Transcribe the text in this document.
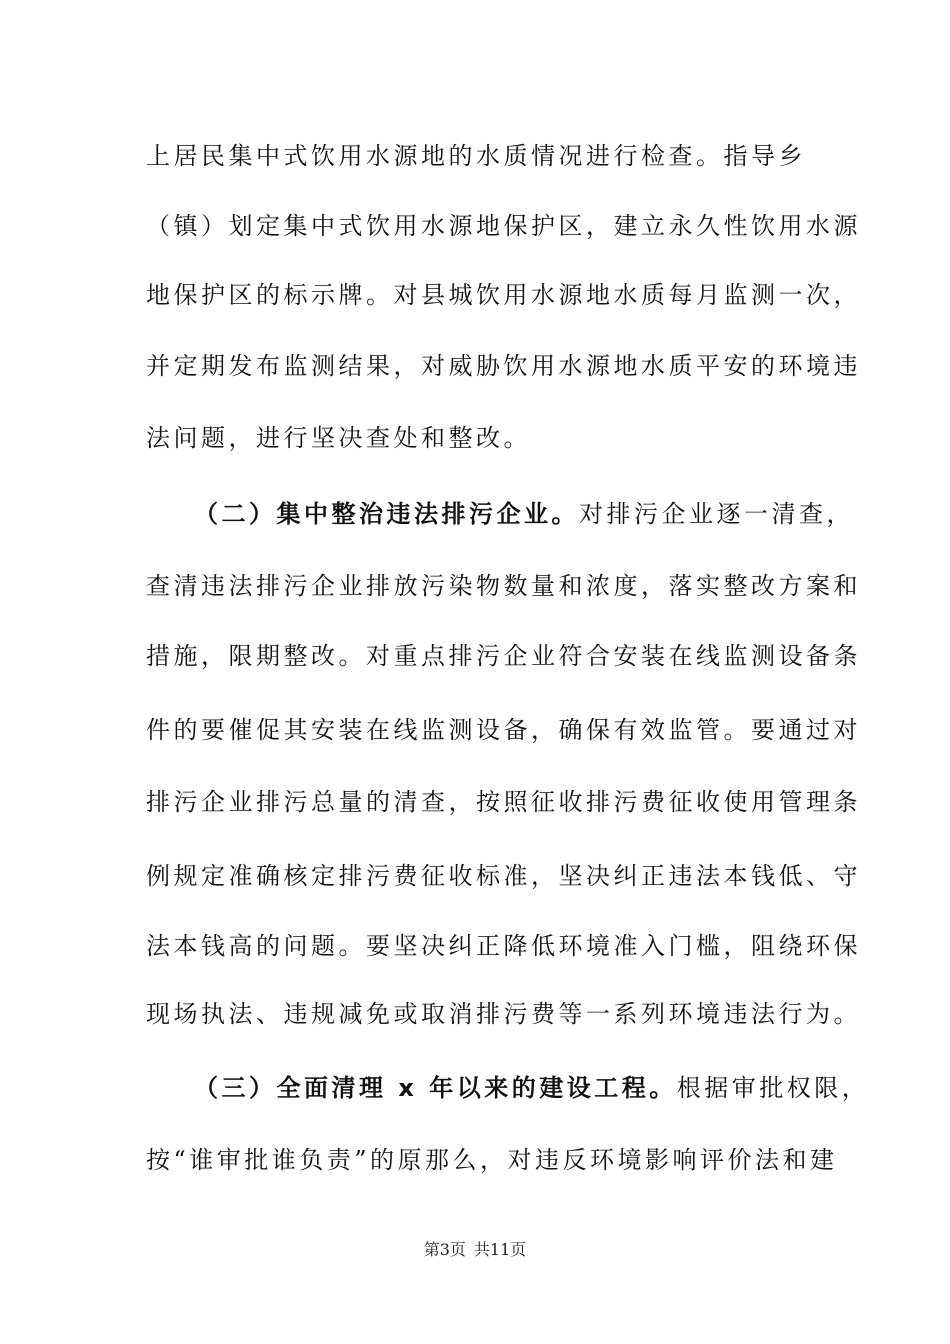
上居民集中式饮用水源地的水质情况进行检查。指导乡
（镇）划定集中式饮用水源地保护区，建立永久性饮用水源
地保护区的标示牌。对县城饮用水源地水质每月监测一次，
并定期发布监测结果，对威胁饮用水源地水质平安的环境违
法问题，进行坚决查处和整改。
（二）集中整治违法排污企业。对排污企业逐一清查，
查清违法排污企业排放污染物数量和浓度，落实整改方案和
措施，限期整改。对重点排污企业符合安装在线监测设备条
件的要催促其安装在线监测设备，确保有效监管。要通过对
排污企业排污总量的清查，按照征收排污费征收使用管理条
例规定准确核定排污费征收标准，坚决纠正违法本钱低、守
法本钱高的问题。要坚决纠正降低环境准入门槛，阻绕环保
现场执法、违规减免或取消排污费等一系列环境违法行为。
（三）全面清理 x 年以来的建设工程。根据审批权限，
按“谁审批谁负责”的原那么，对违反环境影响评价法和建
第3页 共11页
